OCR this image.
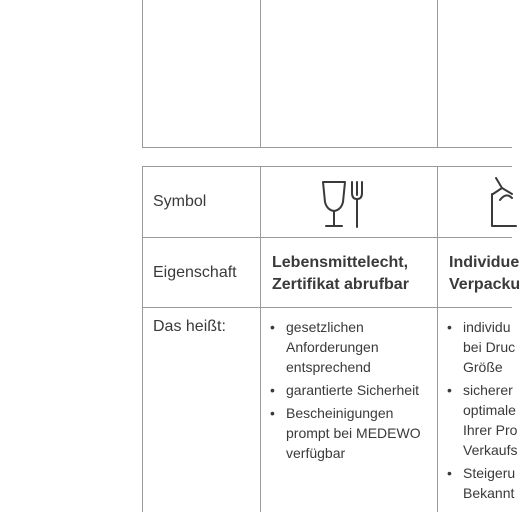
Symbol
Eigenschaft
Das heißt:
Lebensmittelecht,
Zertifikat abrufbar
Individue
Verpacku
• gesetzlichen
Anforderungen
entsprechend
• garantierte Sicherheit
• Bescheinigungen
prompt bei MEDEWO
verfügbar
• individu
bei Druc
Größe
• sicherer
optimale
Ihrer Pro
Verkaufs
• Steigeru
Bekannt
